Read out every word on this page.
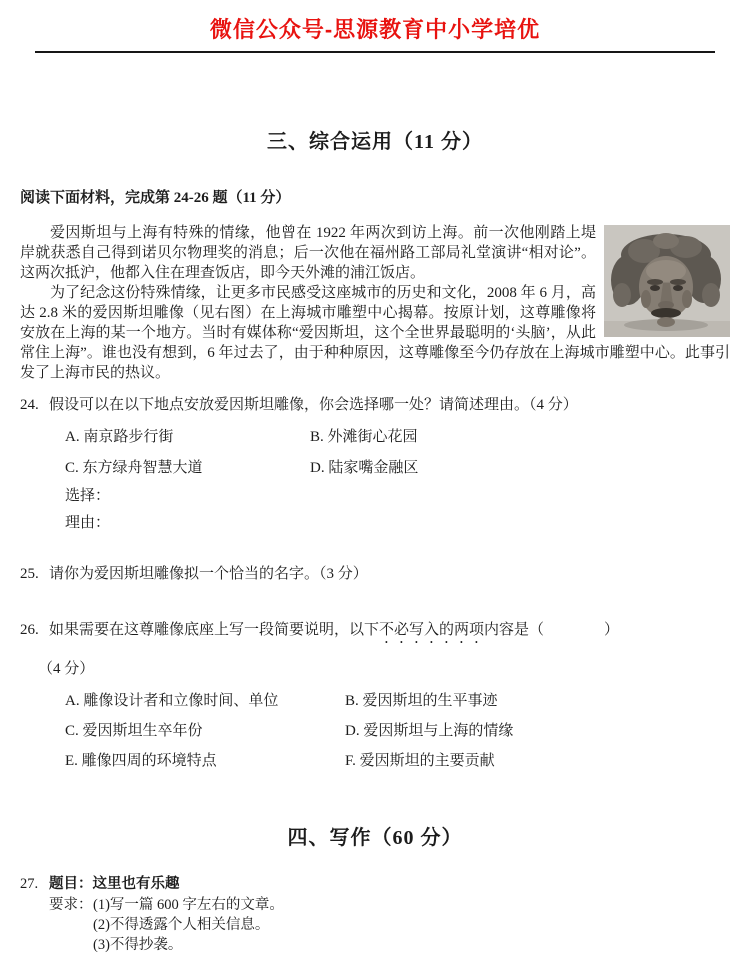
微信公众号-思源教育中小学培优
三、综合运用（11 分）

阅读下面材料，完成第 24-26 题（11 分）

爱因斯坦与上海有特殊的情缘，他曾在 1922 年两次到访上海。前一次他刚踏上堤岸就获悉自己得到诺贝尔物理奖的消息；后一次他在福州路工部局礼堂演讲“相对论”。这两次抵沪，他都入住在理查饭店，即今天外滩的浦江饭店。

为了纪念这份特殊情缘，让更多市民感受这座城市的历史和文化，2008 年 6 月，高达 2.8 米的爱因斯坦雕像（见右图）在上海城市雕塑中心揭幕。按原计划，这尊雕像将安放在上海的某一个地方。当时有媒体称“爱因斯坦，这个全世界最聪明的‘头脑’，从此常住上海”。谁也没有想到，6 年过去了，由于种种原因，这尊雕像至今仍存放在上海城市雕塑中心。此事引发了上海市民的热议。

24. 假设可以在以下地点安放爱因斯坦雕像，你会选择哪一处？请简述理由。（4 分）
A. 南京路步行街	B. 外滩街心花园
C. 东方绿舟智慧大道	D. 陆家嘴金融区
选择：
理由：
25. 请你为爱因斯坦雕像拟一个恰当的名字。（3 分）
26. 如果需要在这尊雕像底座上写一段简要说明，以下不必写入的两项内容是（　　　　）
（4 分）
A. 雕像设计者和立像时间、单位	B. 爱因斯坦的生平事迹
C. 爱因斯坦生卒年份	D. 爱因斯坦与上海的情缘
E. 雕像四周的环境特点	F. 爱因斯坦的主要贡献
四、写作（60 分）
27. 题目：这里也有乐趣
要求： (1)写一篇 600 字左右的文章。
(2)不得透露个人相关信息。
(3)不得抄袭。
